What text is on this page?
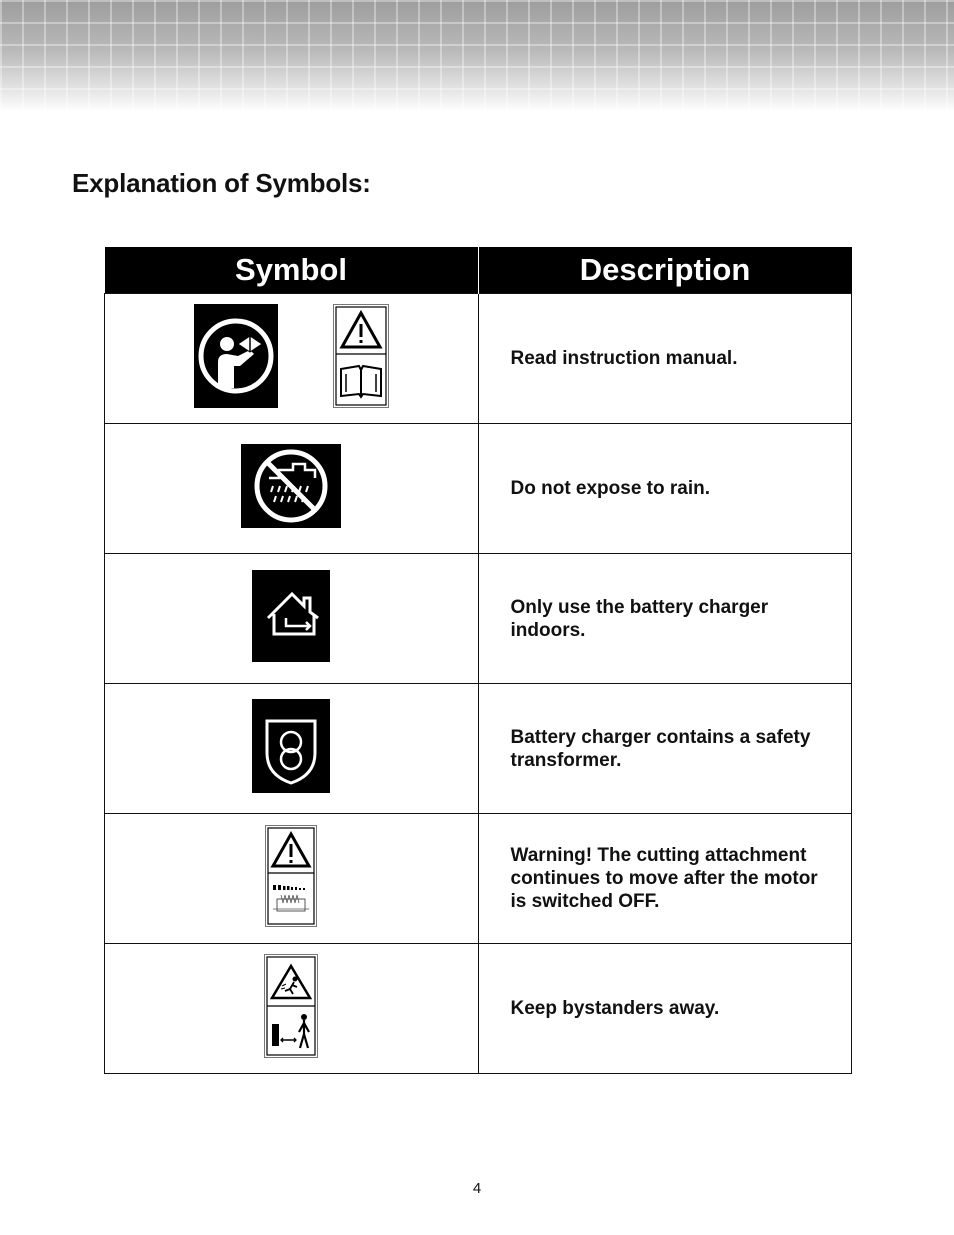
Explanation of Symbols:
Symbol	Description

	Read instruction manual.

	Do not expose to rain.

	Only use the battery charger indoors.

	Battery charger contains a safety transformer.

	Warning! The cutting attachment continues to move after the motor is switched OFF.

	Keep bystanders away.
4
